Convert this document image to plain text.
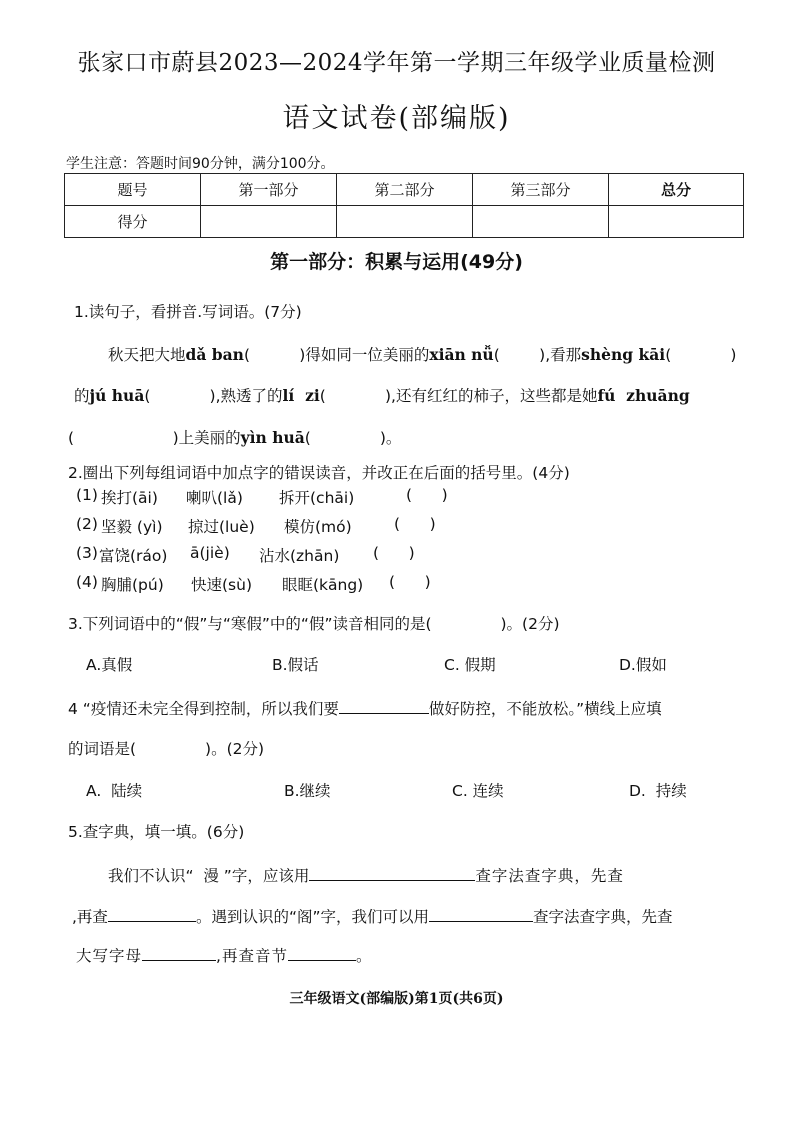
张家口市蔚县2023—2024学年第一学期三年级学业质量检测
语文试卷(部编版)
学生注意：答题时间90分钟，满分100分。
题号	第一部分	第二部分	第三部分	总分
得分				
第一部分：积累与运用(49分)
1.读句子，看拼音.写词语。(7分)
秋天把大地dǎ ban(          )得如同一位美丽的xiān nǚ(        ),看那shèng kāi(            )
的jú huā(            ),熟透了的lí  zi(            ),还有红红的柿子，这些都是她fú  zhuāng
(                    )上美丽的yìn huā(              )。
2.圈出下列每组词语中加点字的错误读音，并改正在后面的括号里。(4分)
(1) 挨打(āi) 喇叭(lǎ) 拆开(chāi)	(      )
(2) 坚毅 (yì) 掠过(luè) 模仿(mó)	(      )
(3) 富饶(ráo) ā(jiè) 沾水(zhān) (      )
(4) 胸脯(pú) 快速(sù) 眼眶(kāng) (      )
3.下列词语中的“假”与“寒假”中的“假”读音相同的是(              )。(2分)
A.真假	B.假话	C. 假期	D.假如
4 “疫情还未完全得到控制，所以我们要	做好防控，不能放松。”横线上应填
的词语是(              )。(2分)
A.  陆续	B.继续	C. 连续	D.  持续
5.查字典，填一填。(6分)
我们不认识“  漫 ”字，应该用	查字法查字典，先查
,再查	。遇到认识的“阁”字，我们可以用	查字法查字典，先查
大写字母	,再查音节	。
三年级语文(部编版)第1页(共6页)
